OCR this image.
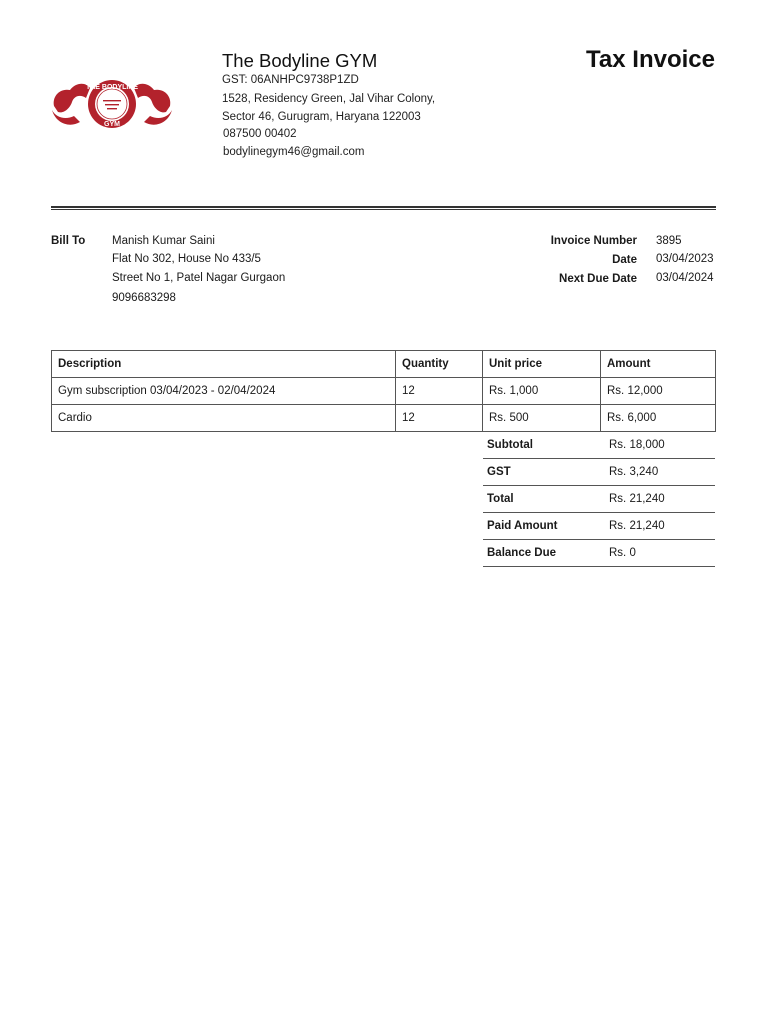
THE BODYLINE
GYM
The Bodyline GYM
GST: 06ANHPC9738P1ZD
1528, Residency Green, Jal Vihar Colony,
Sector 46, Gurugram, Haryana 122003
087500 00402
bodylinegym46@gmail.com
Tax Invoice
Bill To Manish Kumar Saini
Flat No 302, House No 433/5
Street No 1, Patel Nagar Gurgaon
9096683298
Invoice Number 3895
Date 03/04/2023
Next Due Date 03/04/2024
Description	Quantity	Unit price	Amount
Gym subscription 03/04/2023 - 02/04/2024	12	Rs. 1,000	Rs. 12,000
Cardio	12	Rs. 500	Rs. 6,000
Subtotal	Rs. 18,000
GST	Rs. 3,240
Total	Rs. 21,240
Paid Amount	Rs. 21,240
Balance Due	Rs. 0
